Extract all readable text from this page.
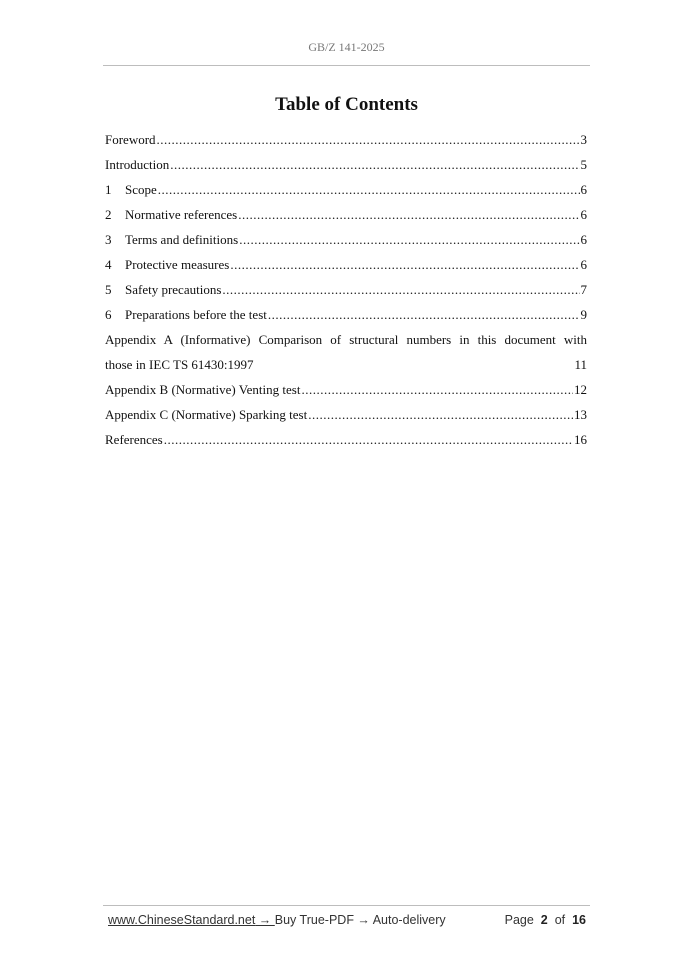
GB/Z 141-2025
Table of Contents
Foreword .....	3
Introduction .....	5
1	Scope .....	6
2	Normative references .....	6
3	Terms and definitions .....	6
4	Protective measures .....	6
5	Safety precautions .....	7
6	Preparations before the test .....	9
Appendix A (Informative) Comparison of structural numbers in this document with
those in IEC TS 61430:1997	11
Appendix B (Normative) Venting test .....	12
Appendix C (Normative) Sparking test .....	13
References .....	16
www.ChineseStandard.net → Buy True-PDF → Auto-delivery	Page 2 of 16
